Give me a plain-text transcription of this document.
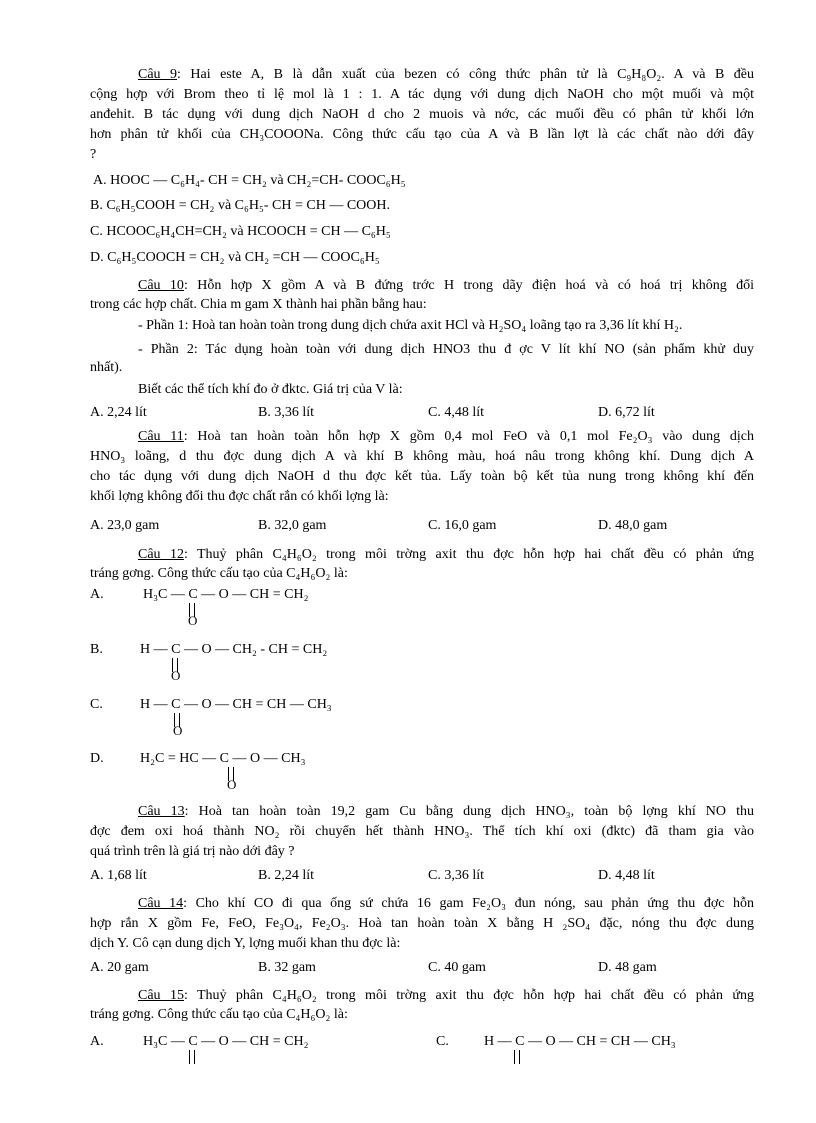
Câu 9: Hai este A, B là dẫn xuất của bezen có công thức phân tử là C₉H₈O₂. A và B đều
cộng hợp với Brom theo tỉ lệ mol là 1 : 1. A tác dụng với dung dịch NaOH cho một muối và một
anđehit. B tác dụng với dung dịch NaOH d cho 2 muois và nớc, các muối đều có phân tử khối lớn
hơn phân tử khối của CH₃COOONa. Công thức cấu tạo của A và B lần lợt là các chất nào dới đây
?
A. HOOC — C₆H₄- CH = CH₂ và CH₂=CH- COOC₆H₅
B. C₆H₅COOH = CH₂ và C₆H₅- CH = CH — COOH.
C. HCOOC₆H₄CH=CH₂ và HCOOCH = CH — C₆H₅
D. C₆H₅COOCH = CH₂ và CH₂ =CH — COOC₆H₅
Câu 10: Hỗn hợp X gồm A và B đứng trớc H trong dãy điện hoá và có hoá trị không đổi
trong các hợp chất. Chia m gam X thành hai phần bằng hau:
- Phần 1: Hoà tan hoàn toàn trong dung dịch chứa axit HCl và H₂SO₄ loãng tạo ra 3,36 lít khí H₂.
- Phần 2: Tác dụng hoàn toàn với dung dịch HNO3 thu đ ợc V lít khí NO (sản phẩm khử duy
nhất).
Biết các thể tích khí đo ở đktc. Giá trị của V là:
A. 2,24 lít	B. 3,36 lít	C. 4,48 lít	D. 6,72 lít
Câu 11: Hoà tan hoàn toàn hỗn hợp X gồm 0,4 mol FeO và 0,1 mol Fe₂O₃ vào dung dịch
HNO₃ loãng, d thu đợc dung dịch A và khí B không màu, hoá nâu trong không khí. Dung dịch A
cho tác dụng với dung dịch NaOH d thu đợc kết tủa. Lấy toàn bộ kết tủa nung trong không khí đến
khối lợng không đổi thu đợc chất rắn có khối lợng là:
A. 23,0 gam	B. 32,0 gam	C. 16,0 gam	D. 48,0 gam
Câu 12: Thuỷ phân C₄H₆O₂ trong môi trờng axit thu đợc hỗn hợp hai chất đều có phản ứng
tráng gơng. Công thức cấu tạo của C₄H₆O₂ là:
A.	H₃C — C — O — CH = CH₂
O
B.	H — C — O — CH₂ - CH = CH₂
O
C.	H — C — O — CH = CH — CH₃
O
D.	H₂C = HC — C — O — CH₃
O
Câu 13: Hoà tan hoàn toàn 19,2 gam Cu bằng dung dịch HNO₃, toàn bộ lợng khí NO thu
đợc đem oxi hoá thành NO₂ rồi chuyển hết thành HNO₃. Thể tích khí oxi (đktc) đã tham gia vào
quá trình trên là giá trị nào dới đây ?
A. 1,68 lít	B. 2,24 lít	C. 3,36 lít	D. 4,48 lít
Câu 14: Cho khí CO đi qua ống sứ chứa 16 gam Fe₂O₃ đun nóng, sau phản ứng thu đợc hỗn
hợp rắn X gồm Fe, FeO, Fe₃O₄, Fe₂O₃. Hoà tan hoàn toàn X bằng H ₂SO₄ đặc, nóng thu đợc dung
dịch Y. Cô cạn dung dịch Y, lợng muối khan thu đợc là:
A. 20 gam	B. 32 gam	C. 40 gam	D. 48 gam
Câu 15: Thuỷ phân C₄H₆O₂ trong môi trờng axit thu đợc hỗn hợp hai chất đều có phản ứng
tráng gơng. Công thức cấu tạo của C₄H₆O₂ là:
A.	H₃C — C — O — CH = CH₂	C.	H — C — O — CH = CH — CH₃
